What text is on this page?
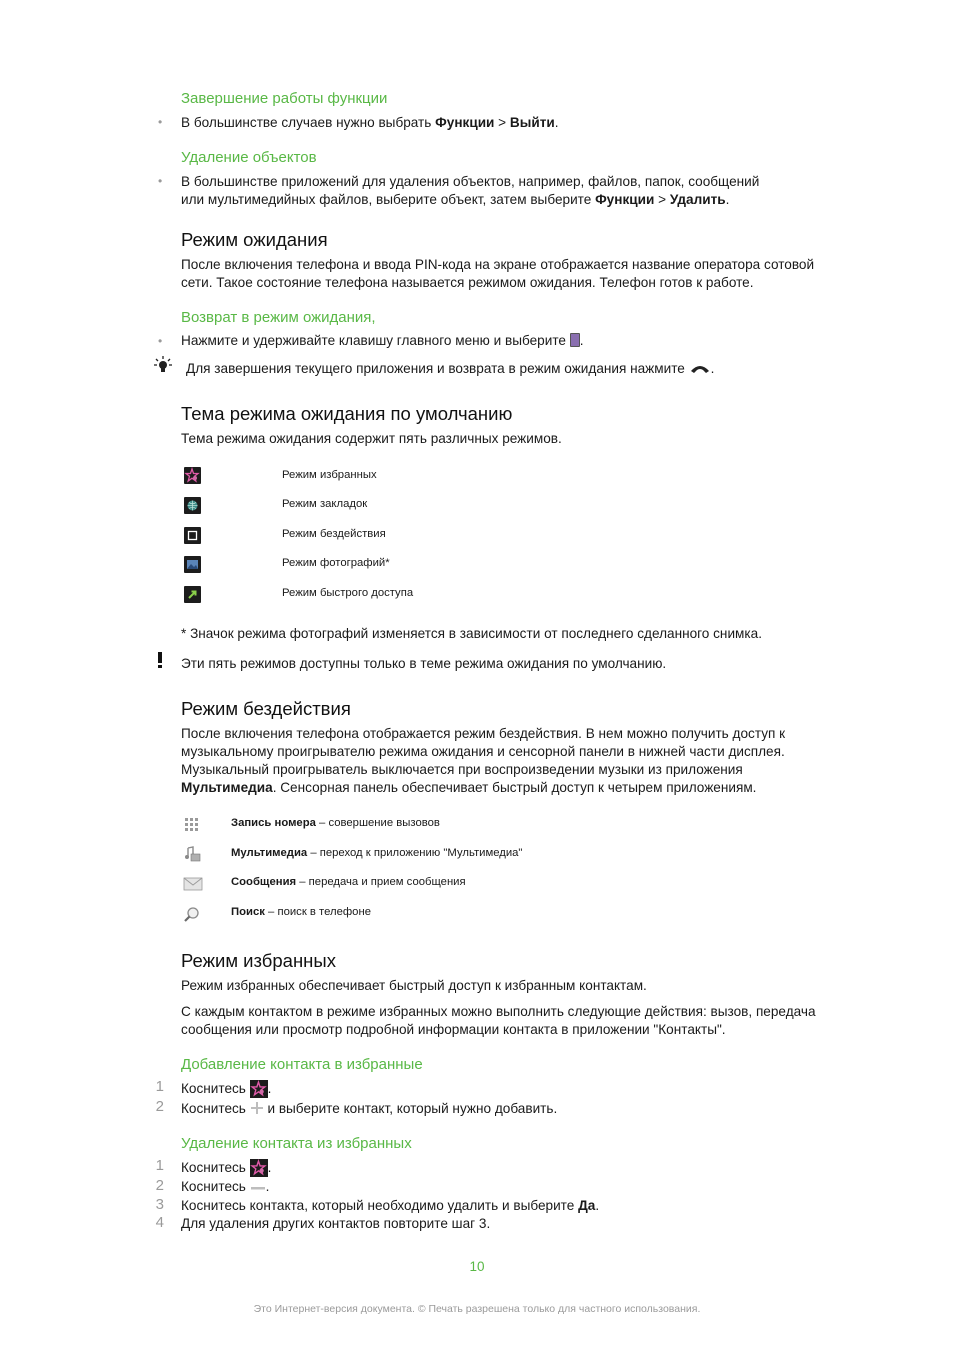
Завершение работы функции
• В большинстве случаев нужно выбрать Функции > Выйти.
Удаление объектов
• В большинстве приложений для удаления объектов, например, файлов, папок, сообщений
или мультимедийных файлов, выберите объект, затем выберите Функции > Удалить.
Режим ожидания
После включения телефона и ввода PIN-кода на экране отображается название оператора сотовой
сети. Такое состояние телефона называется режимом ожидания. Телефон готов к работе.
Возврат в режим ожидания,
• Нажмите и удерживайте клавишу главного меню и выберите .
Для завершения текущего приложения и возврата в режим ожидания нажмите .
Тема режима ожидания по умолчанию
Тема режима ожидания содержит пять различных режимов.
Режим избранных
Режим закладок
Режим бездействия
Режим фотографий*
Режим быстрого доступа
* Значок режима фотографий изменяется в зависимости от последнего сделанного снимка.
Эти пять режимов доступны только в теме режима ожидания по умолчанию.
Режим бездействия
После включения телефона отображается режим бездействия. В нем можно получить доступ к
музыкальному проигрывателю режима ожидания и сенсорной панели в нижней части дисплея.
Музыкальный проигрыватель выключается при воспроизведении музыки из приложения
Мультимедиа. Сенсорная панель обеспечивает быстрый доступ к четырем приложениям.
Запись номера – совершение вызовов
Мультимедиа – переход к приложению "Мультимедиа"
Сообщения – передача и прием сообщения
Поиск – поиск в телефоне
Режим избранных
Режим избранных обеспечивает быстрый доступ к избранным контактам.
С каждым контактом в режиме избранных можно выполнить следующие действия: вызов, передача
сообщения или просмотр подробной информации контакта в приложении "Контакты".
Добавление контакта в избранные
1 Коснитесь .
2 Коснитесь  и выберите контакт, который нужно добавить.
Удаление контакта из избранных
1 Коснитесь .
2 Коснитесь .
3 Коснитесь контакта, который необходимо удалить и выберите Да.
4 Для удаления других контактов повторите шаг 3.
10
Это Интернет-версия документа. © Печать разрешена только для частного использования.
